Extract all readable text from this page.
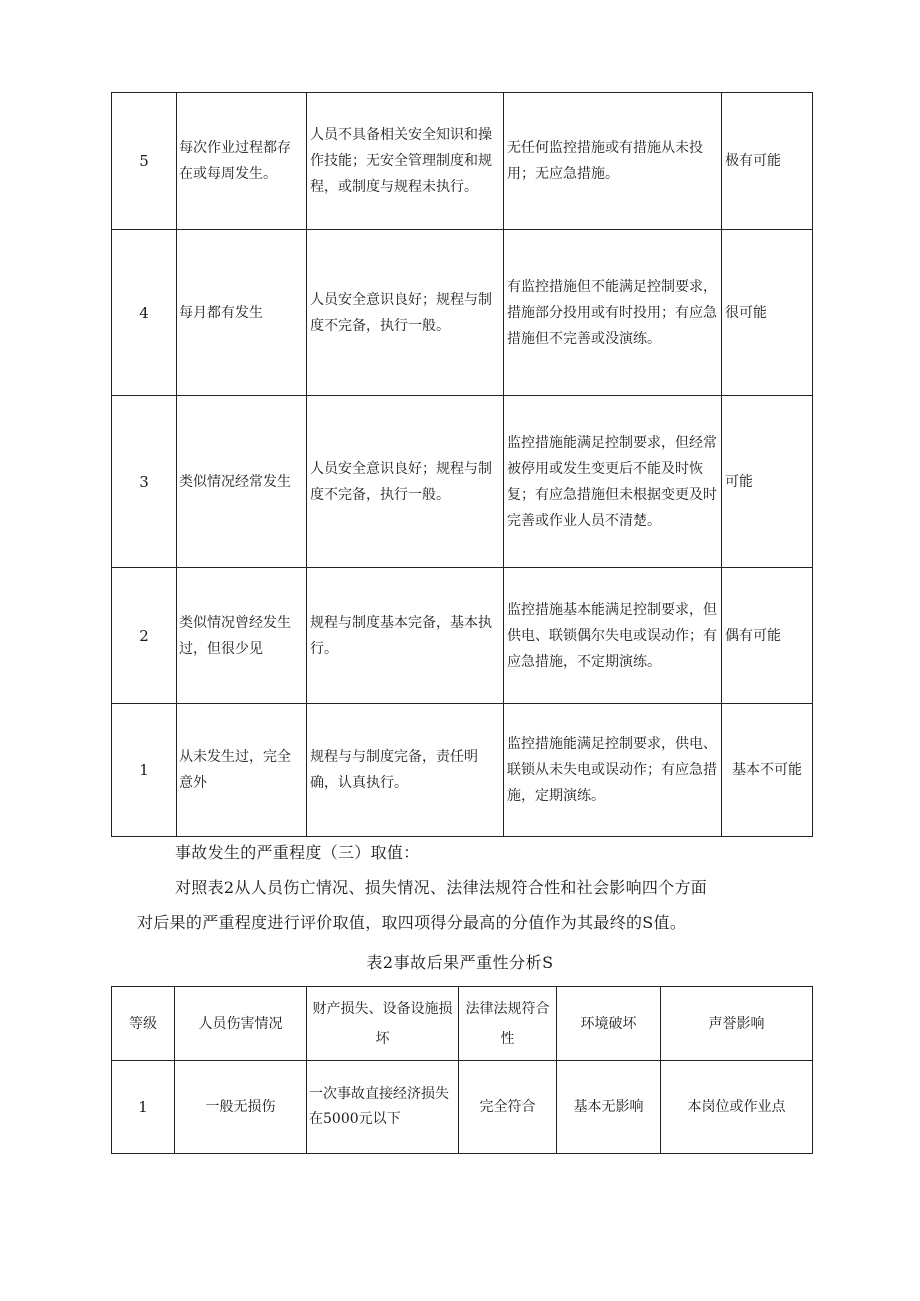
5	每次作业过程都存在或每周发生。	人员不具备相关安全知识和操作技能；无安全管理制度和规程，或制度与规程未执行。	无任何监控措施或有措施从未投用；无应急措施。	极有可能
4	每月都有发生	人员安全意识良好；规程与制度不完备，执行一般。	有监控措施但不能满足控制要求，措施部分投用或有时投用；有应急措施但不完善或没演练。	很可能
3	类似情况经常发生	人员安全意识良好；规程与制度不完备，执行一般。	监控措施能满足控制要求，但经常被停用或发生变更后不能及时恢复；有应急措施但未根据变更及时完善或作业人员不清楚。	可能
2	类似情况曾经发生过，但很少见	规程与制度基本完备，基本执行。	监控措施基本能满足控制要求，但供电、联锁偶尔失电或误动作；有应急措施，不定期演练。	偶有可能
1	从未发生过，完全意外	规程与与制度完备，责任明确，认真执行。	监控措施能满足控制要求，供电、联锁从未失电或误动作；有应急措施，定期演练。	基本不可能
事故发生的严重程度（三）取值：
对照表2从人员伤亡情况、损失情况、法律法规符合性和社会影响四个方面
对后果的严重程度进行评价取值，取四项得分最高的分值作为其最终的S值。
表2事故后果严重性分析S
等级	人员伤害情况	财产损失、设备设施损坏	法律法规符合性	环境破坏	声誉影响
1	一般无损伤	一次事故直接经济损失在5000元以下	完全符合	基本无影响	本岗位或作业点
